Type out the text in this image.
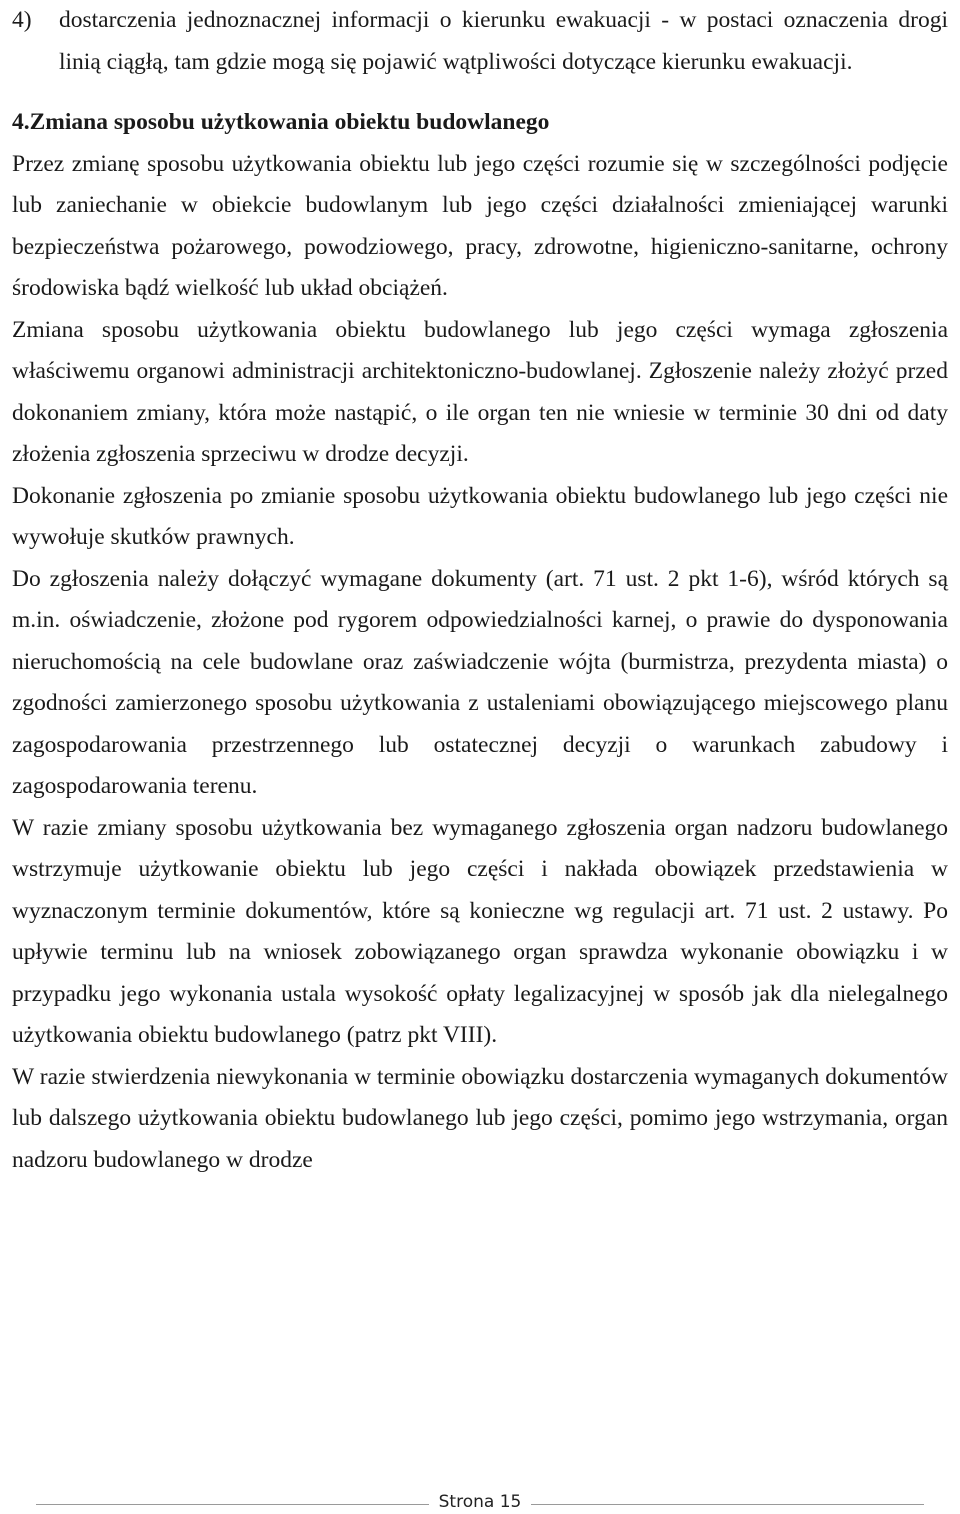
4) dostarczenia jednoznacznej informacji o kierunku ewakuacji - w postaci oznaczenia drogi linią ciągłą, tam gdzie mogą się pojawić wątpliwości dotyczące kierunku ewakuacji.
4.Zmiana sposobu użytkowania obiektu budowlanego

Przez zmianę sposobu użytkowania obiektu lub jego części rozumie się w szczególności podjęcie lub zaniechanie w obiekcie budowlanym lub jego części działalności zmieniającej warunki bezpieczeństwa pożarowego, powodziowego, pracy, zdrowotne, higieniczno-sanitarne, ochrony środowiska bądź wielkość lub układ obciążeń.

Zmiana sposobu użytkowania obiektu budowlanego lub jego części wymaga zgłoszenia właściwemu organowi administracji architektoniczno-budowlanej. Zgłoszenie należy złożyć przed dokonaniem zmiany, która może nastąpić, o ile organ ten nie wniesie w terminie 30 dni od daty złożenia zgłoszenia sprzeciwu w drodze decyzji.

Dokonanie zgłoszenia po zmianie sposobu użytkowania obiektu budowlanego lub jego części nie wywołuje skutków prawnych.

Do zgłoszenia należy dołączyć wymagane dokumenty (art. 71 ust. 2 pkt 1-6), wśród których są m.in. oświadczenie, złożone pod rygorem odpowiedzialności karnej, o prawie do dysponowania nieruchomością na cele budowlane oraz zaświadczenie wójta (burmistrza, prezydenta miasta) o zgodności zamierzonego sposobu użytkowania z ustaleniami obowiązującego miejscowego planu zagospodarowania przestrzennego lub ostatecznej decyzji o warunkach zabudowy i zagospodarowania terenu.

W razie zmiany sposobu użytkowania bez wymaganego zgłoszenia organ nadzoru budowlanego wstrzymuje użytkowanie obiektu lub jego części i nakłada obowiązek przedstawienia w wyznaczonym terminie dokumentów, które są konieczne wg regulacji art. 71 ust. 2 ustawy. Po upływie terminu lub na wniosek zobowiązanego organ sprawdza wykonanie obowiązku i w przypadku jego wykonania ustala wysokość opłaty legalizacyjnej w sposób jak dla nielegalnego użytkowania obiektu budowlanego (patrz pkt VIII).

W razie stwierdzenia niewykonania w terminie obowiązku dostarczenia wymaganych dokumentów lub dalszego użytkowania obiektu budowlanego lub jego części, pomimo jego wstrzymania, organ nadzoru budowlanego w drodze

Strona 15
